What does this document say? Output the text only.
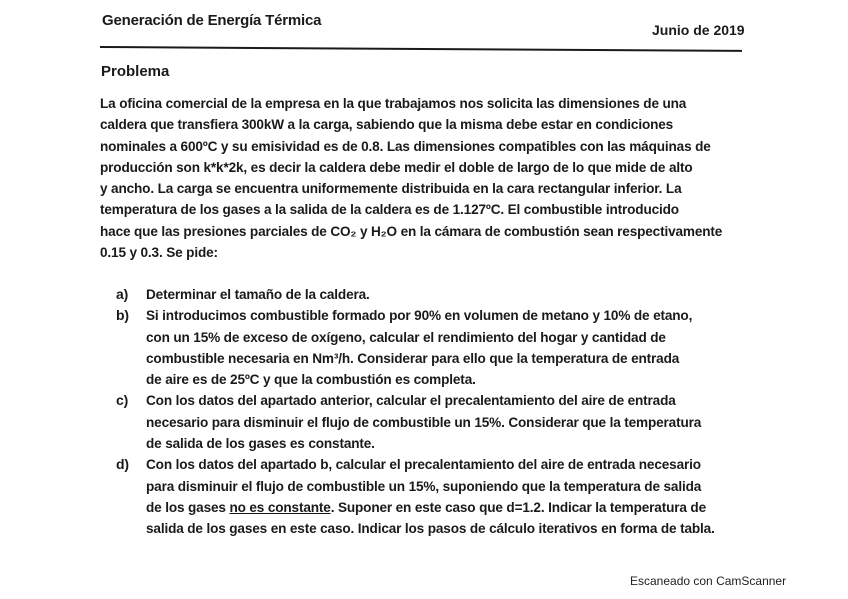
Generación de Energía Térmica
Junio de 2019
Problema
La oficina comercial de la empresa en la que trabajamos nos solicita las dimensiones de una
caldera que transfiera 300kW a la carga, sabiendo que la misma debe estar en condiciones
nominales a 600ºC y su emisividad es de 0.8. Las dimensiones compatibles con las máquinas de
producción son k*k*2k, es decir la caldera debe medir el doble de largo de lo que mide de alto
y ancho. La carga se encuentra uniformemente distribuida en la cara rectangular inferior. La
temperatura de los gases a la salida de la caldera es de 1.127ºC. El combustible introducido
hace que las presiones parciales de CO₂ y H₂O en la cámara de combustión sean respectivamente
0.15 y 0.3. Se pide:
a) Determinar el tamaño de la caldera.
b) Si introducimos combustible formado por 90% en volumen de metano y 10% de etano,
con un 15% de exceso de oxígeno, calcular el rendimiento del hogar y cantidad de
combustible necesaria en Nm³/h. Considerar para ello que la temperatura de entrada
de aire es de 25ºC y que la combustión es completa.
c) Con los datos del apartado anterior, calcular el precalentamiento del aire de entrada
necesario para disminuir el flujo de combustible un 15%. Considerar que la temperatura
de salida de los gases es constante.
d) Con los datos del apartado b, calcular el precalentamiento del aire de entrada necesario
para disminuir el flujo de combustible un 15%, suponiendo que la temperatura de salida
de los gases no es constante. Suponer en este caso que d=1.2. Indicar la temperatura de
salida de los gases en este caso. Indicar los pasos de cálculo iterativos en forma de tabla.
Escaneado con CamScanner
